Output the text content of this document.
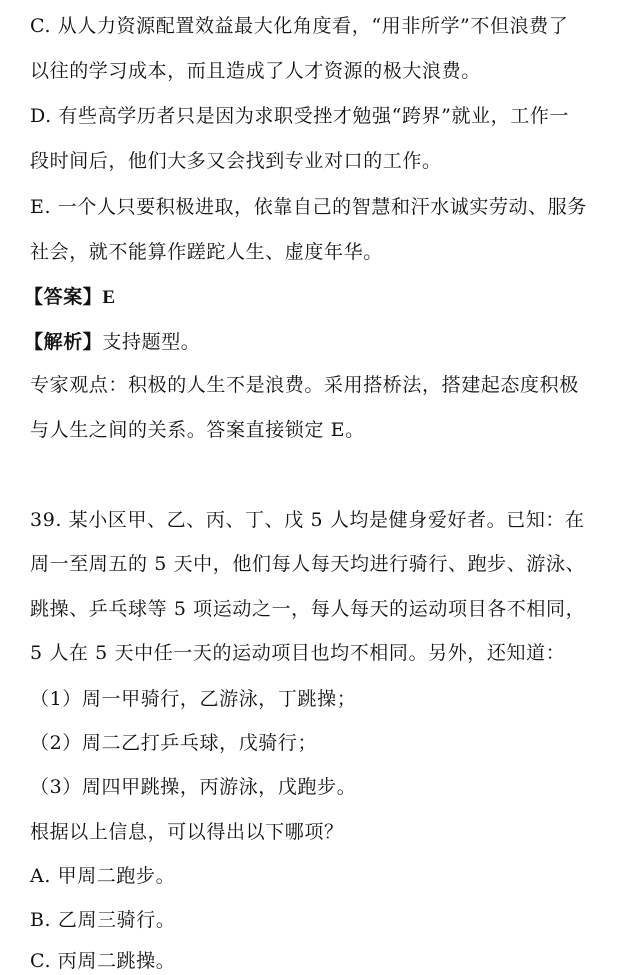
C. 从人力资源配置效益最大化角度看，“用非所学”不但浪费了
以往的学习成本，而且造成了人才资源的极大浪费。
D. 有些高学历者只是因为求职受挫才勉强“跨界”就业，工作一
段时间后，他们大多又会找到专业对口的工作。
E. 一个人只要积极进取，依靠自己的智慧和汗水诚实劳动、服务
社会，就不能算作蹉跎人生、虚度年华。
【答案】E
【解析】支持题型。
专家观点：积极的人生不是浪费。采用搭桥法，搭建起态度积极
与人生之间的关系。答案直接锁定 E。
39. 某小区甲、乙、丙、丁、戊 5 人均是健身爱好者。已知：在
周一至周五的 5 天中，他们每人每天均进行骑行、跑步、游泳、
跳操、乒乓球等 5 项运动之一，每人每天的运动项目各不相同，
5 人在 5 天中任一天的运动项目也均不相同。另外，还知道：
（1）周一甲骑行，乙游泳，丁跳操；
（2）周二乙打乒乓球，戊骑行；
（3）周四甲跳操，丙游泳，戊跑步。
根据以上信息，可以得出以下哪项？
A. 甲周二跑步。
B. 乙周三骑行。
C. 丙周二跳操。
